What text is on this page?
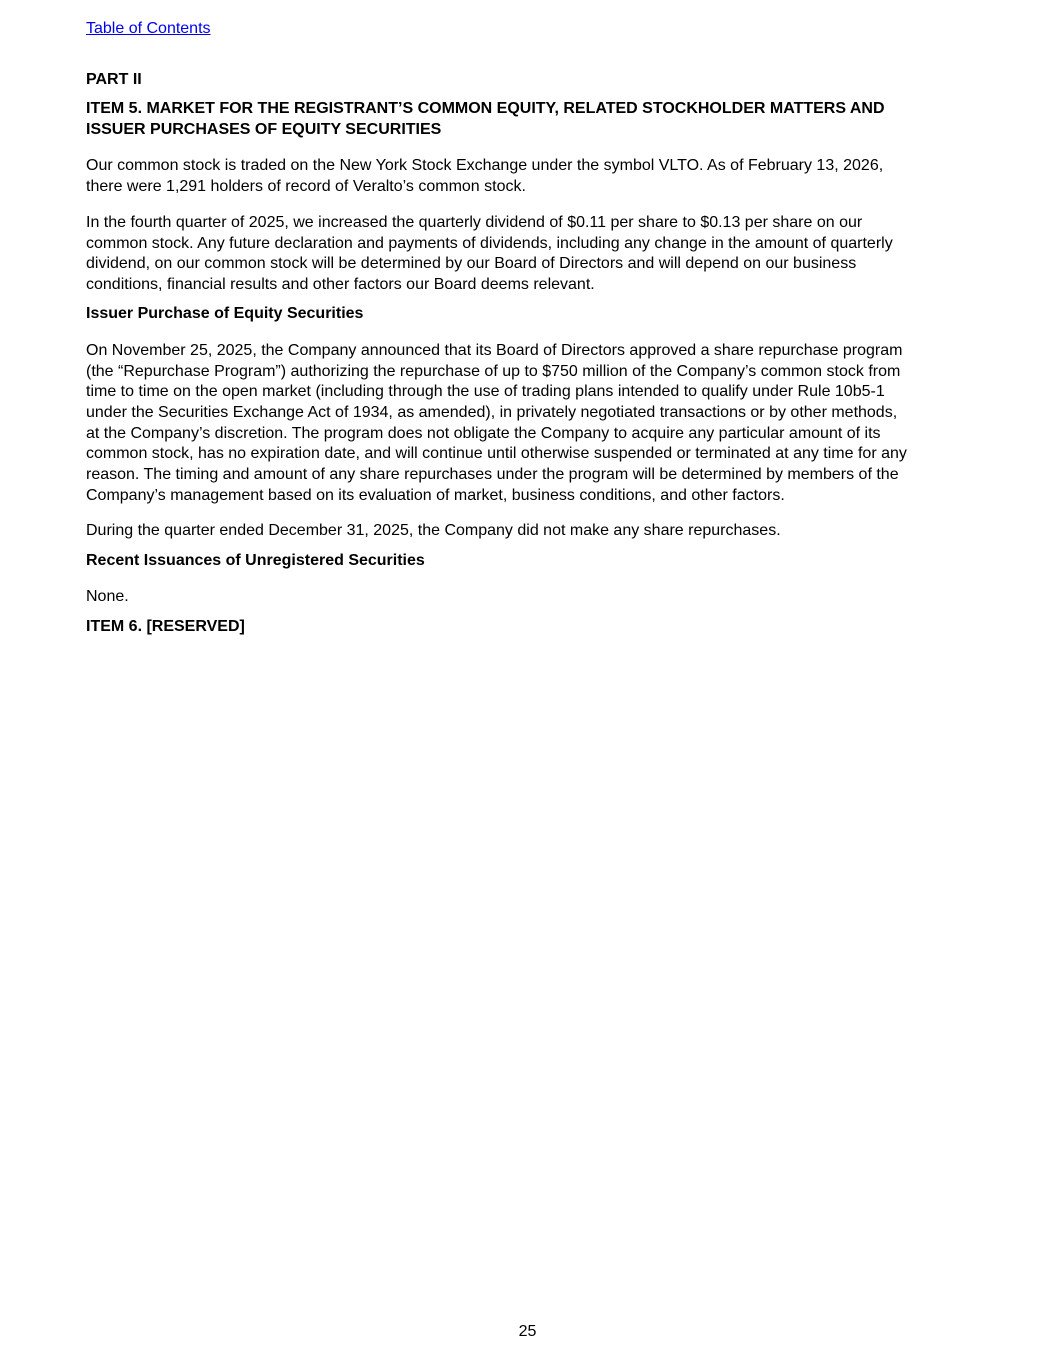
Table of Contents
PART II
ITEM 5. MARKET FOR THE REGISTRANT’S COMMON EQUITY, RELATED STOCKHOLDER MATTERS AND
ISSUER PURCHASES OF EQUITY SECURITIES
Our common stock is traded on the New York Stock Exchange under the symbol VLTO. As of February 13, 2026,
there were 1,291 holders of record of Veralto’s common stock.
In the fourth quarter of 2025, we increased the quarterly dividend of $0.11 per share to $0.13 per share on our
common stock. Any future declaration and payments of dividends, including any change in the amount of quarterly
dividend, on our common stock will be determined by our Board of Directors and will depend on our business
conditions, financial results and other factors our Board deems relevant.
Issuer Purchase of Equity Securities
On November 25, 2025, the Company announced that its Board of Directors approved a share repurchase program
(the “Repurchase Program”) authorizing the repurchase of up to $750 million of the Company’s common stock from
time to time on the open market (including through the use of trading plans intended to qualify under Rule 10b5-1
under the Securities Exchange Act of 1934, as amended), in privately negotiated transactions or by other methods,
at the Company’s discretion. The program does not obligate the Company to acquire any particular amount of its
common stock, has no expiration date, and will continue until otherwise suspended or terminated at any time for any
reason. The timing and amount of any share repurchases under the program will be determined by members of the
Company’s management based on its evaluation of market, business conditions, and other factors.
During the quarter ended December 31, 2025, the Company did not make any share repurchases.
Recent Issuances of Unregistered Securities
None.
ITEM 6. [RESERVED]
25
